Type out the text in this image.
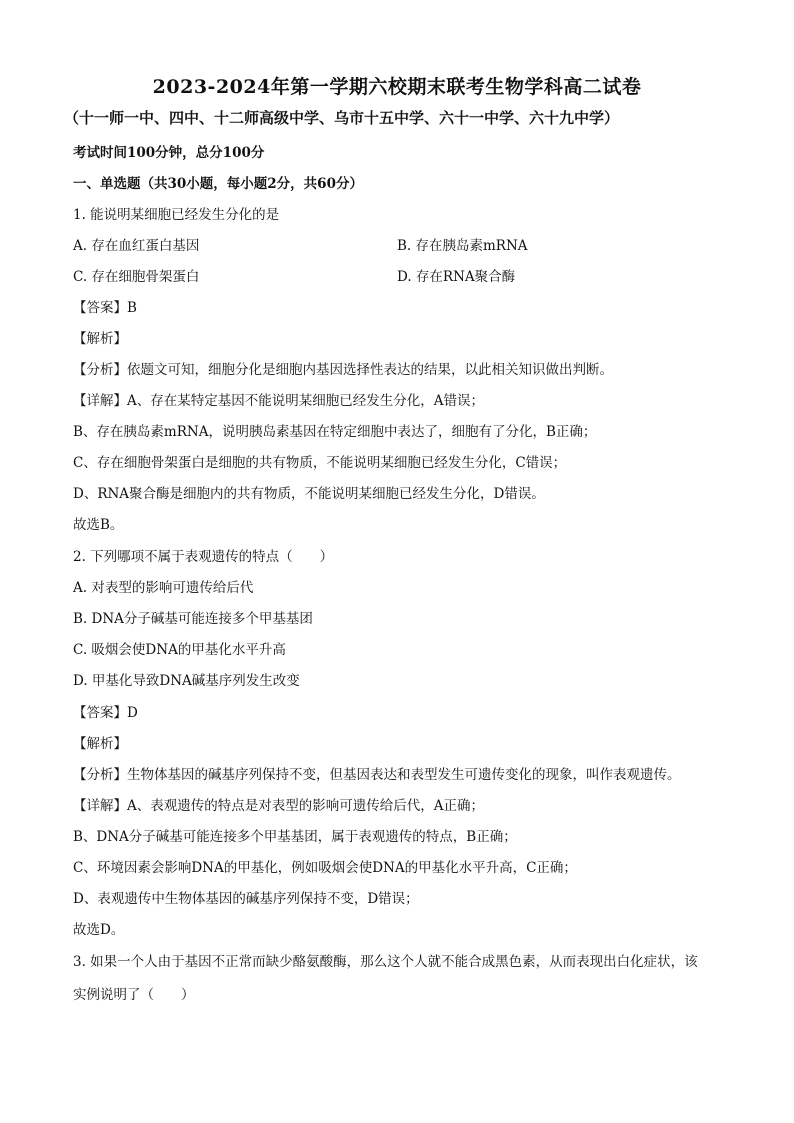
2023-2024年第一学期六校期末联考生物学科高二试卷
（十一师一中、四中、十二师高级中学、乌市十五中学、六十一中学、六十九中学）
考试时间100分钟，总分100分
一、单选题（共30小题，每小题2分，共60分）
1. 能说明某细胞已经发生分化的是
A. 存在血红蛋白基因	B. 存在胰岛素mRNA
C. 存在细胞骨架蛋白	D. 存在RNA聚合酶
【答案】B
【解析】
【分析】依题文可知，细胞分化是细胞内基因选择性表达的结果，以此相关知识做出判断。
【详解】A、存在某特定基因不能说明某细胞已经发生分化，A错误；
B、存在胰岛素mRNA，说明胰岛素基因在特定细胞中表达了，细胞有了分化，B正确；
C、存在细胞骨架蛋白是细胞的共有物质，不能说明某细胞已经发生分化，C错误；
D、RNA聚合酶是细胞内的共有物质，不能说明某细胞已经发生分化，D错误。
故选B。
2. 下列哪项不属于表观遗传的特点（　　）
A. 对表型的影响可遗传给后代
B. DNA分子碱基可能连接多个甲基基团
C. 吸烟会使DNA的甲基化水平升高
D. 甲基化导致DNA碱基序列发生改变
【答案】D
【解析】
【分析】生物体基因的碱基序列保持不变，但基因表达和表型发生可遗传变化的现象，叫作表观遗传。
【详解】A、表观遗传的特点是对表型的影响可遗传给后代，A正确；
B、DNA分子碱基可能连接多个甲基基团，属于表观遗传的特点，B正确；
C、环境因素会影响DNA的甲基化，例如吸烟会使DNA的甲基化水平升高，C正确；
D、表观遗传中生物体基因的碱基序列保持不变，D错误；
故选D。
3. 如果一个人由于基因不正常而缺少酪氨酸酶，那么这个人就不能合成黑色素，从而表现出白化症状，该
实例说明了（　　）
